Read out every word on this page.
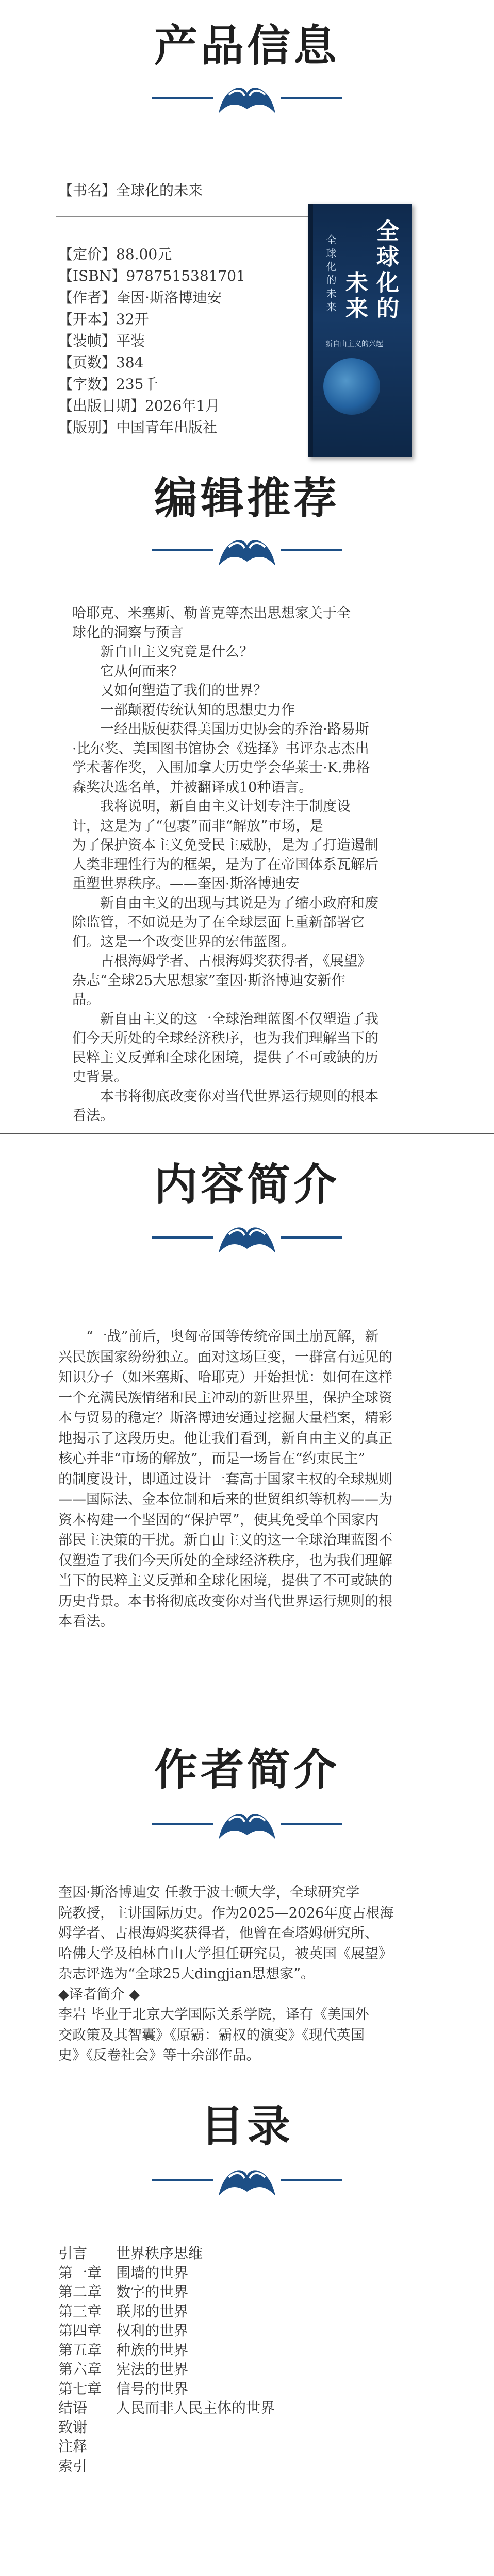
产品信息
【书名】全球化的未来
【定价】88.00元
【ISBN】9787515381701
【作者】奎因·斯洛博迪安
【开本】32开
【装帧】平装
【页数】384
【字数】235千
【出版日期】2026年1月
【版别】中国青年出版社
全球化的
未来
全球化的未来
新自由主义的兴起
编辑推荐

哈耶克、米塞斯、勒普克等杰出思想家关于全

球化的洞察与预言

新自由主义究竟是什么？

它从何而来？

又如何塑造了我们的世界？

一部颠覆传统认知的思想史力作

一经出版便获得美国历史协会的乔治·路易斯

·比尔奖、美国图书馆协会《选择》书评杂志杰出

学术著作奖，入围加拿大历史学会华莱士·K.弗格

森奖决选名单，并被翻译成10种语言。

我将说明，新自由主义计划专注于制度设

计，这是为了“包裹”而非“解放”市场，是

为了保护资本主义免受民主威胁，是为了打造遏制

人类非理性行为的框架，是为了在帝国体系瓦解后

重塑世界秩序。——奎因·斯洛博迪安

新自由主义的出现与其说是为了缩小政府和废

除监管，不如说是为了在全球层面上重新部署它

们。这是一个改变世界的宏伟蓝图。

古根海姆学者、古根海姆奖获得者，《展望》

杂志“全球25大思想家”奎因·斯洛博迪安新作

品。

新自由主义的这一全球治理蓝图不仅塑造了我

们今天所处的全球经济秩序，也为我们理解当下的

民粹主义反弹和全球化困境，提供了不可或缺的历

史背景。

本书将彻底改变你对当代世界运行规则的根本

看法。

内容简介

“一战”前后，奥匈帝国等传统帝国土崩瓦解，新

兴民族国家纷纷独立。面对这场巨变，一群富有远见的

知识分子（如米塞斯、哈耶克）开始担忧：如何在这样

一个充满民族情绪和民主冲动的新世界里，保护全球资

本与贸易的稳定？斯洛博迪安通过挖掘大量档案，精彩

地揭示了这段历史。他让我们看到，新自由主义的真正

核心并非“市场的解放”，而是一场旨在“约束民主”

的制度设计，即通过设计一套高于国家主权的全球规则

——国际法、金本位制和后来的世贸组织等机构——为

资本构建一个坚固的“保护罩”，使其免受单个国家内

部民主决策的干扰。新自由主义的这一全球治理蓝图不

仅塑造了我们今天所处的全球经济秩序，也为我们理解

当下的民粹主义反弹和全球化困境，提供了不可或缺的

历史背景。本书将彻底改变你对当代世界运行规则的根

本看法。

作者简介

奎因·斯洛博迪安 任教于波士顿大学，全球研究学

院教授，主讲国际历史。作为2025—2026年度古根海

姆学者、古根海姆奖获得者，他曾在查塔姆研究所、

哈佛大学及柏林自由大学担任研究员，被英国《展望》

杂志评选为“全球25大dingjian思想家”。

◆译者简介 ◆

李岩 毕业于北京大学国际关系学院，译有《美国外

交政策及其智囊》《原霸：霸权的演变》《现代英国

史》《反卷社会》等十余部作品。

目录
引言 世界秩序思维
第一章 围墙的世界
第二章 数字的世界
第三章 联邦的世界
第四章 权利的世界
第五章 种族的世界
第六章 宪法的世界
第七章 信号的世界
结语 人民而非人民主体的世界
致谢
注释
索引
